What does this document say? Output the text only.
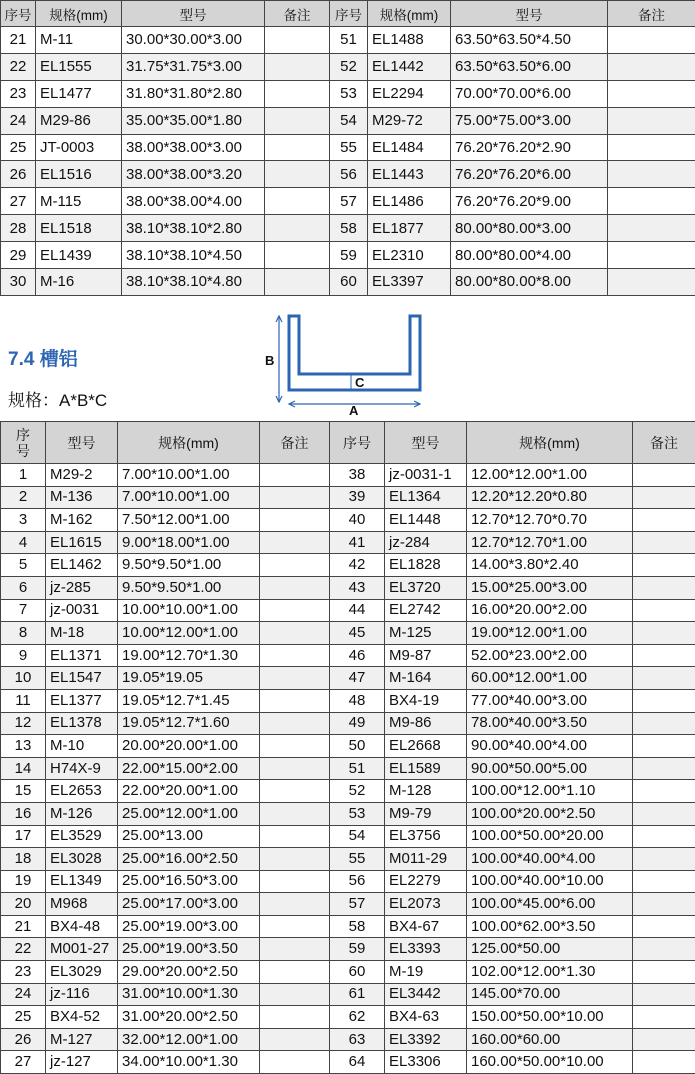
序号	规格(mm)	型号	备注	序号	规格(mm)	型号	备注
21	M-11	30.00*30.00*3.00		51	EL1488	63.50*63.50*4.50	
22	EL1555	31.75*31.75*3.00		52	EL1442	63.50*63.50*6.00	
23	EL1477	31.80*31.80*2.80		53	EL2294	70.00*70.00*6.00	
24	M29-86	35.00*35.00*1.80		54	M29-72	75.00*75.00*3.00	
25	JT-0003	38.00*38.00*3.00		55	EL1484	76.20*76.20*2.90	
26	EL1516	38.00*38.00*3.20		56	EL1443	76.20*76.20*6.00	
27	M-115	38.00*38.00*4.00		57	EL1486	76.20*76.20*9.00	
28	EL1518	38.10*38.10*2.80		58	EL1877	80.00*80.00*3.00	
29	EL1439	38.10*38.10*4.50		59	EL2310	80.00*80.00*4.00	
30	M-16	38.10*38.10*4.80		60	EL3397	80.00*80.00*8.00	
7.4 槽铝

规格：A*B*C

B
C
A
序号	型号	规格(mm)	备注	序号	型号	规格(mm)	备注
1	M29-2	7.00*10.00*1.00		38	jz-0031-1	12.00*12.00*1.00	
2	M-136	7.00*10.00*1.00		39	EL1364	12.20*12.20*0.80	
3	M-162	7.50*12.00*1.00		40	EL1448	12.70*12.70*0.70	
4	EL1615	9.00*18.00*1.00		41	jz-284	12.70*12.70*1.00	
5	EL1462	9.50*9.50*1.00		42	EL1828	14.00*3.80*2.40	
6	jz-285	9.50*9.50*1.00		43	EL3720	15.00*25.00*3.00	
7	jz-0031	10.00*10.00*1.00		44	EL2742	16.00*20.00*2.00	
8	M-18	10.00*12.00*1.00		45	M-125	19.00*12.00*1.00	
9	EL1371	19.00*12.70*1.30		46	M9-87	52.00*23.00*2.00	
10	EL1547	19.05*19.05		47	M-164	60.00*12.00*1.00	
11	EL1377	19.05*12.7*1.45		48	BX4-19	77.00*40.00*3.00	
12	EL1378	19.05*12.7*1.60		49	M9-86	78.00*40.00*3.50	
13	M-10	20.00*20.00*1.00		50	EL2668	90.00*40.00*4.00	
14	H74X-9	22.00*15.00*2.00		51	EL1589	90.00*50.00*5.00	
15	EL2653	22.00*20.00*1.00		52	M-128	100.00*12.00*1.10	
16	M-126	25.00*12.00*1.00		53	M9-79	100.00*20.00*2.50	
17	EL3529	25.00*13.00		54	EL3756	100.00*50.00*20.00	
18	EL3028	25.00*16.00*2.50		55	M011-29	100.00*40.00*4.00	
19	EL1349	25.00*16.50*3.00		56	EL2279	100.00*40.00*10.00	
20	M968	25.00*17.00*3.00		57	EL2073	100.00*45.00*6.00	
21	BX4-48	25.00*19.00*3.00		58	BX4-67	100.00*62.00*3.50	
22	M001-27	25.00*19.00*3.50		59	EL3393	125.00*50.00	
23	EL3029	29.00*20.00*2.50		60	M-19	102.00*12.00*1.30	
24	jz-116	31.00*10.00*1.30		61	EL3442	145.00*70.00	
25	BX4-52	31.00*20.00*2.50		62	BX4-63	150.00*50.00*10.00	
26	M-127	32.00*12.00*1.00		63	EL3392	160.00*60.00	
27	jz-127	34.00*10.00*1.30		64	EL3306	160.00*50.00*10.00	
